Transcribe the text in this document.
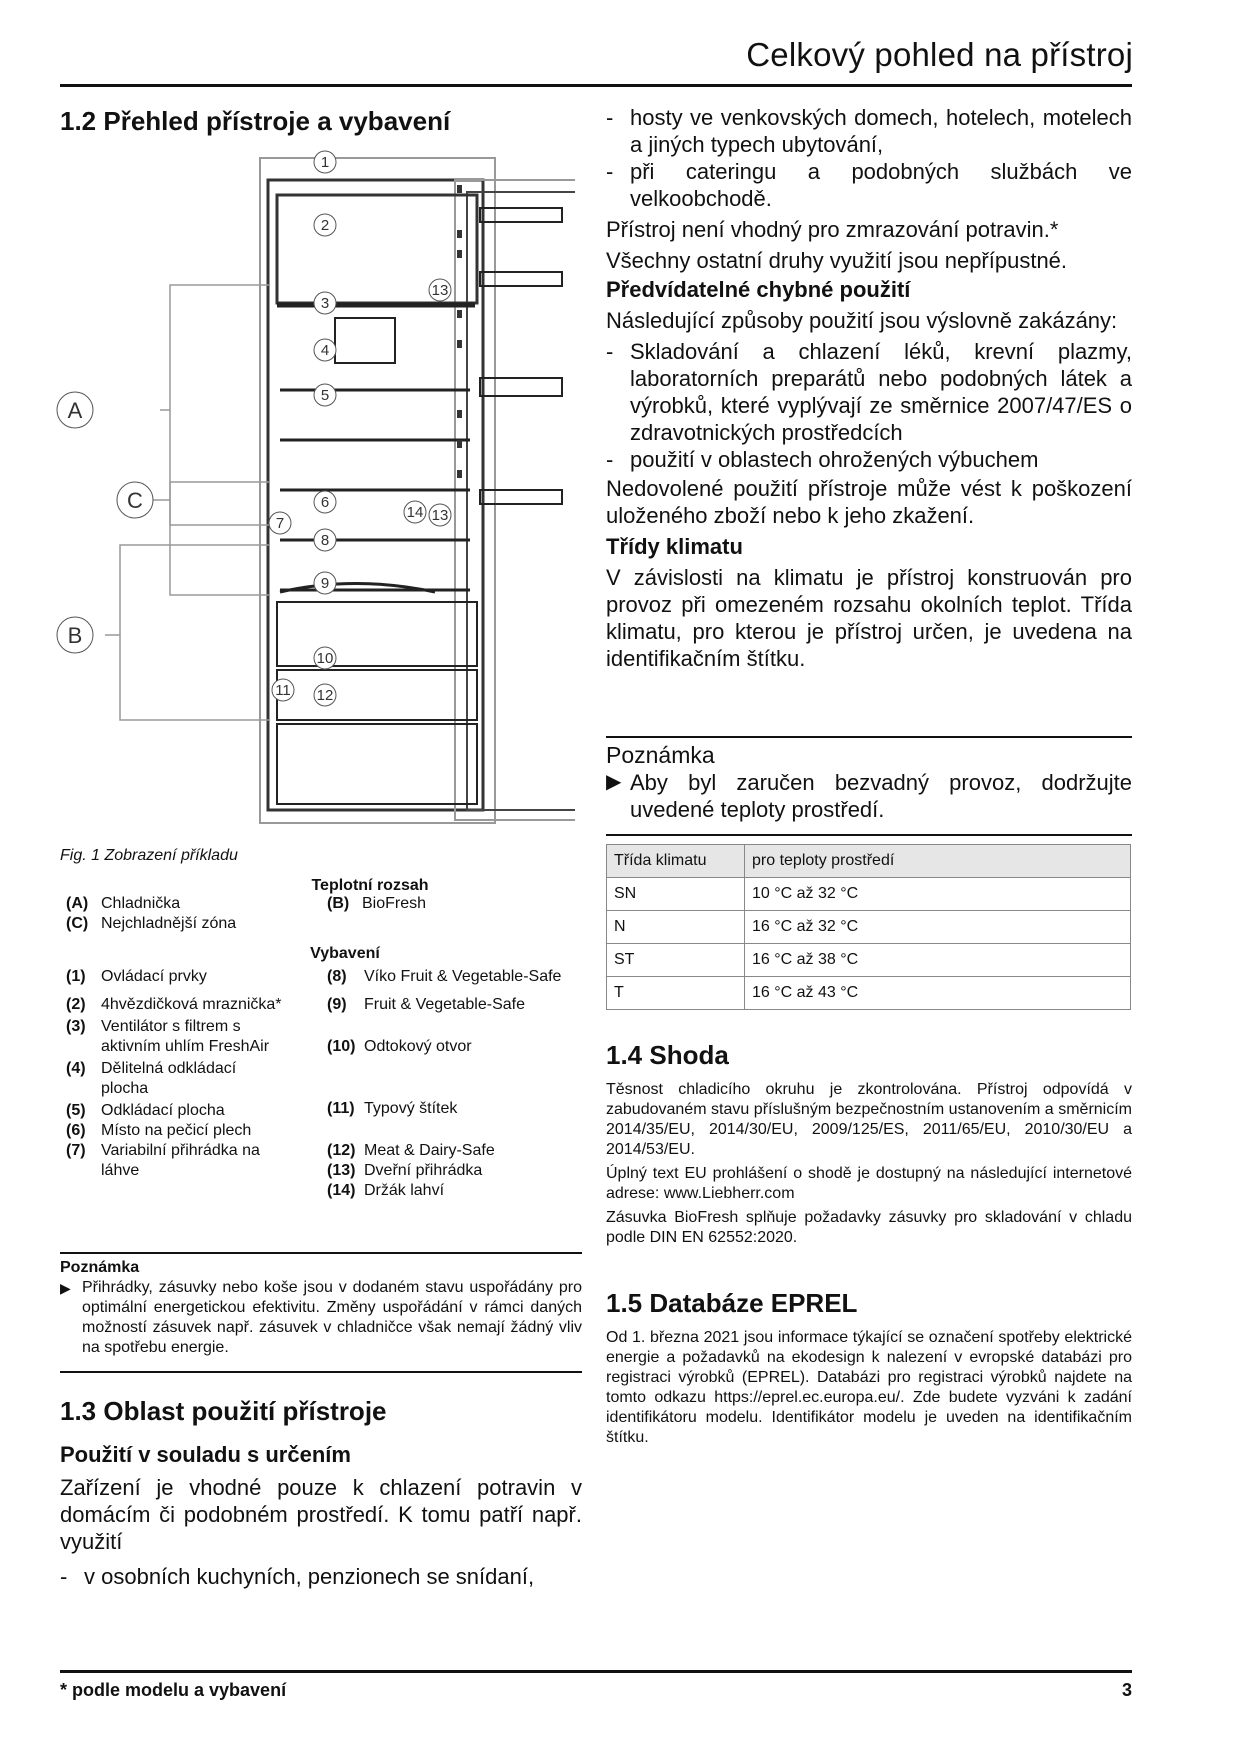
Celkový pohled na přístroj
1.2 Přehled přístroje a vybavení
1
2
3
4
5
6
7
8
9
10
11 12
13
14 13
A
C
B
Fig. 1 Zobrazení příkladu
Teplotní rozsah
(A) Chladnička	(B) BioFresh
(C) Nejchladnější zóna
Vybavení
(1) Ovládací prvky
(2) 4hvězdičková mraznička*
(3) Ventilátor s filtrem s aktivním uhlím FreshAir
(4) Dělitelná odkládací plocha
(5) Odkládací plocha
(6) Místo na pečicí plech
(7) Variabilní přihrádka na láhve
(8)	Víko Fruit & Vegetable-Safe
(9)	Fruit & Vegetable-Safe
(10) Odtokový otvor
(11) Typový štítek
(12) Meat & Dairy-Safe
(13) Dveřní přihrádka
(14) Držák lahví
Poznámka
▶ Přihrádky, zásuvky nebo koše jsou v dodaném stavu uspořádány pro optimální energetickou efektivitu. Změny uspořádání v rámci daných možností zásuvek např. zásuvek v chladničce však nemají žádný vliv na spotřebu energie.
1.3 Oblast použití přístroje
Použití v souladu s určením
Zařízení je vhodné pouze k chlazení potravin v domácím či podobném prostředí. K tomu patří např. využití
- v osobních kuchyních, penzionech se snídaní,
- hosty ve venkovských domech, hotelech, motelech a jiných typech ubytování,
- při cateringu a podobných službách ve velkoobchodě.
Přístroj není vhodný pro zmrazování potravin.*
Všechny ostatní druhy využití jsou nepřípustné.
Předvídatelné chybné použití
Následující způsoby použití jsou výslovně zakázány:
- Skladování a chlazení léků, krevní plazmy, laboratorních preparátů nebo podobných látek a výrobků, které vyplývají ze směrnice 2007/47/ES o zdravotnických prostředcích
- použití v oblastech ohrožených výbuchem
Nedovolené použití přístroje může vést k poškození uloženého zboží nebo k jeho zkažení.
Třídy klimatu
V závislosti na klimatu je přístroj konstruován pro provoz při omezeném rozsahu okolních teplot. Třída klimatu, pro kterou je přístroj určen, je uvedena na identifikačním štítku.
Poznámka
▶ Aby byl zaručen bezvadný provoz, dodržujte uvedené teploty prostředí.
Třída klimatu	pro teploty prostředí
SN	10 °C až 32 °C
N	16 °C až 32 °C
ST	16 °C až 38 °C
T	16 °C až 43 °C
1.4 Shoda
Těsnost chladicího okruhu je zkontrolována. Přístroj odpovídá v zabudovaném stavu příslušným bezpečnostním ustanovením a směrnicím 2014/35/EU, 2014/30/EU, 2009/125/ES, 2011/65/EU, 2010/30/EU a 2014/53/EU.
Úplný text EU prohlášení o shodě je dostupný na následující internetové adrese: www.Liebherr.com
Zásuvka BioFresh splňuje požadavky zásuvky pro skladování v chladu podle DIN EN 62552:2020.
1.5 Databáze EPREL
Od 1. března 2021 jsou informace týkající se označení spotřeby elektrické energie a požadavků na ekodesign k nalezení v evropské databázi pro registraci výrobků (EPREL). Databázi pro registraci výrobků najdete na tomto odkazu https://eprel.ec.europa.eu/. Zde budete vyzváni k zadání identifikátoru modelu. Identifikátor modelu je uveden na identifikačním štítku.
* podle modelu a vybavení	3
